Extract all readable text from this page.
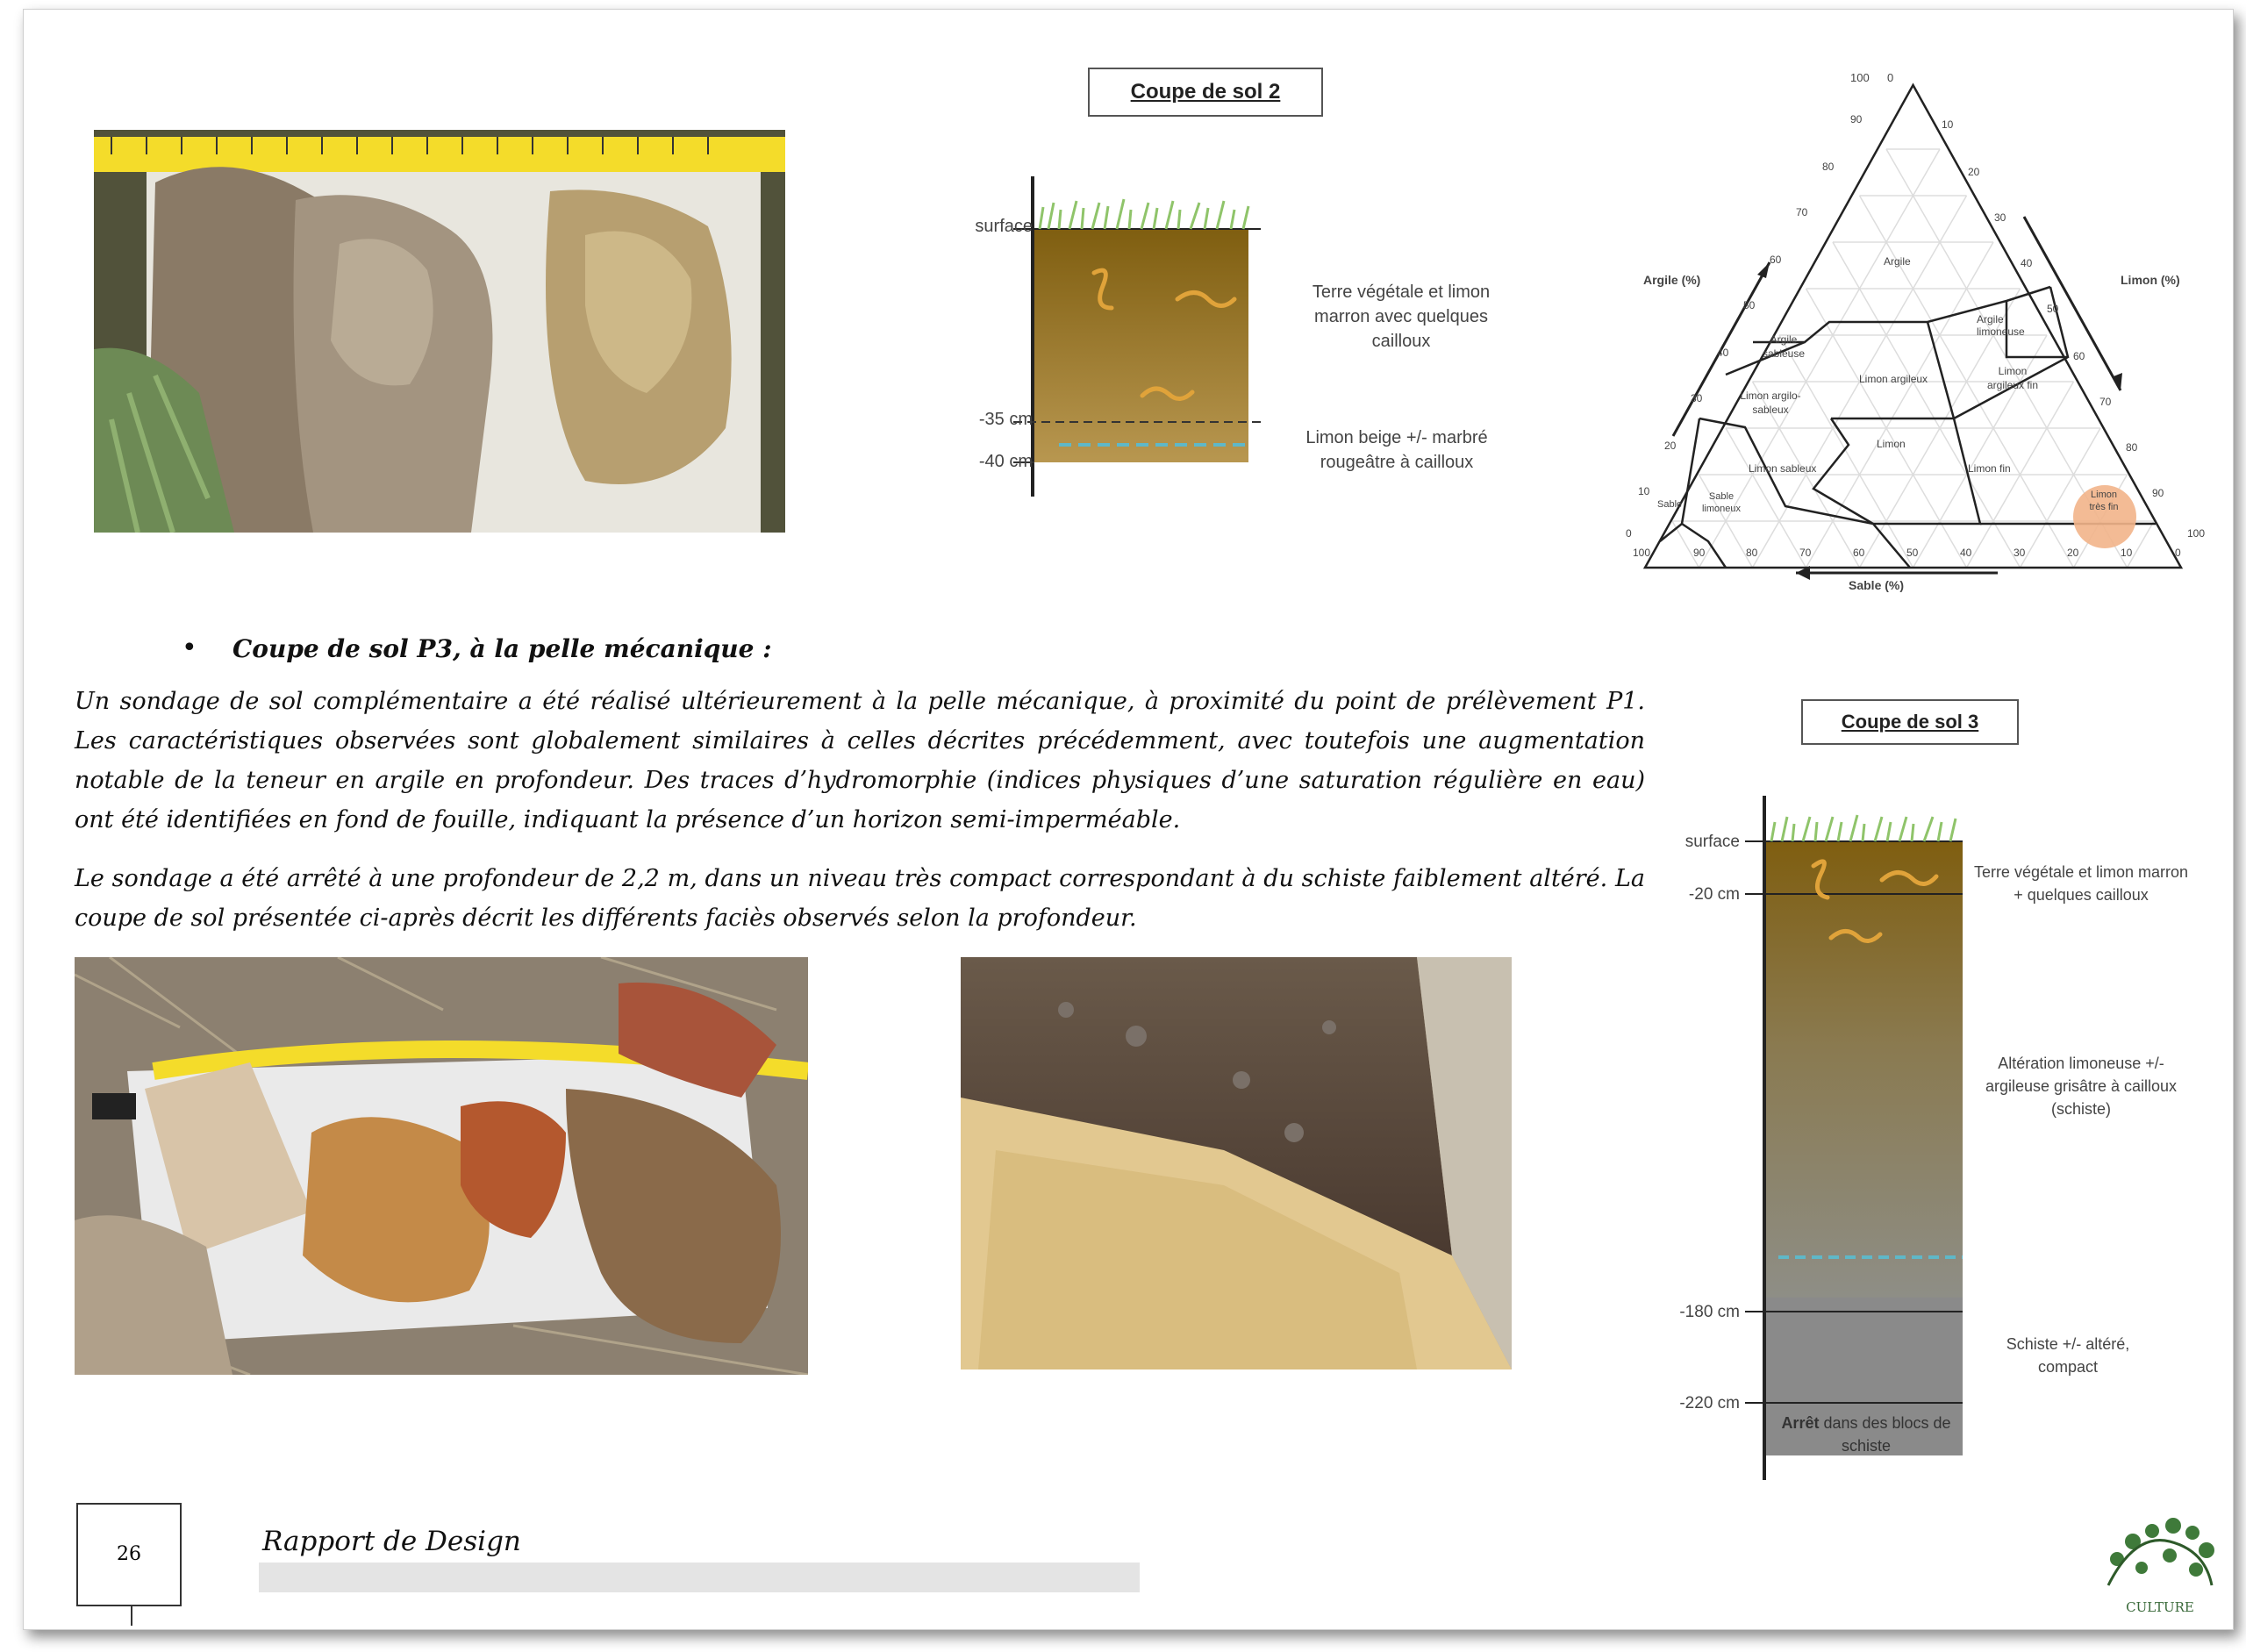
Coupe de sol 2
surface
-35 cm
-40 cm
Terre végétale et limon marron avec quelques cailloux
Limon beige +/- marbré rougeâtre à cailloux
100 0
Argile (%)	Limon (%)
Sable (%)
90
80
70
60
50
40
30
20
10
0
10
20
30
40
50
60
70
80
90
100
100	90	80	70	60	50	40	30	20	10	0
Argile
Argile limoneuse
Argile sableuse
Limon argileux
Limon argileux fin
Limon argilo-sableux
Limon
Limon sableux	Limon fin
Sable
Sable limoneux
Limon très fin
• Coupe de sol P3, à la pelle mécanique :
Un sondage de sol complémentaire a été réalisé ultérieurement à la pelle mécanique, à proximité du point de prélèvement P1. Les caractéristiques observées sont globalement similaires à celles décrites précédemment, avec toutefois une augmentation notable de la teneur en argile en profondeur. Des traces d’hydromorphie (indices physiques d’une saturation régulière en eau) ont été identifiées en fond de fouille, indiquant la présence d’un horizon semi-imperméable.
Le sondage a été arrêté à une profondeur de 2,2 m, dans un niveau très compact correspondant à du schiste faiblement altéré. La coupe de sol présentée ci-après décrit les différents faciès observés selon la profondeur.
Coupe de sol 3
surface
-20 cm
-180 cm
-220 cm
Terre végétale et limon marron + quelques cailloux
Altération limoneuse +/- argileuse grisâtre à cailloux (schiste)
Schiste +/- altéré, compact
Arrêt dans des blocs de schiste
26	Rapport de Design
CULTURE
